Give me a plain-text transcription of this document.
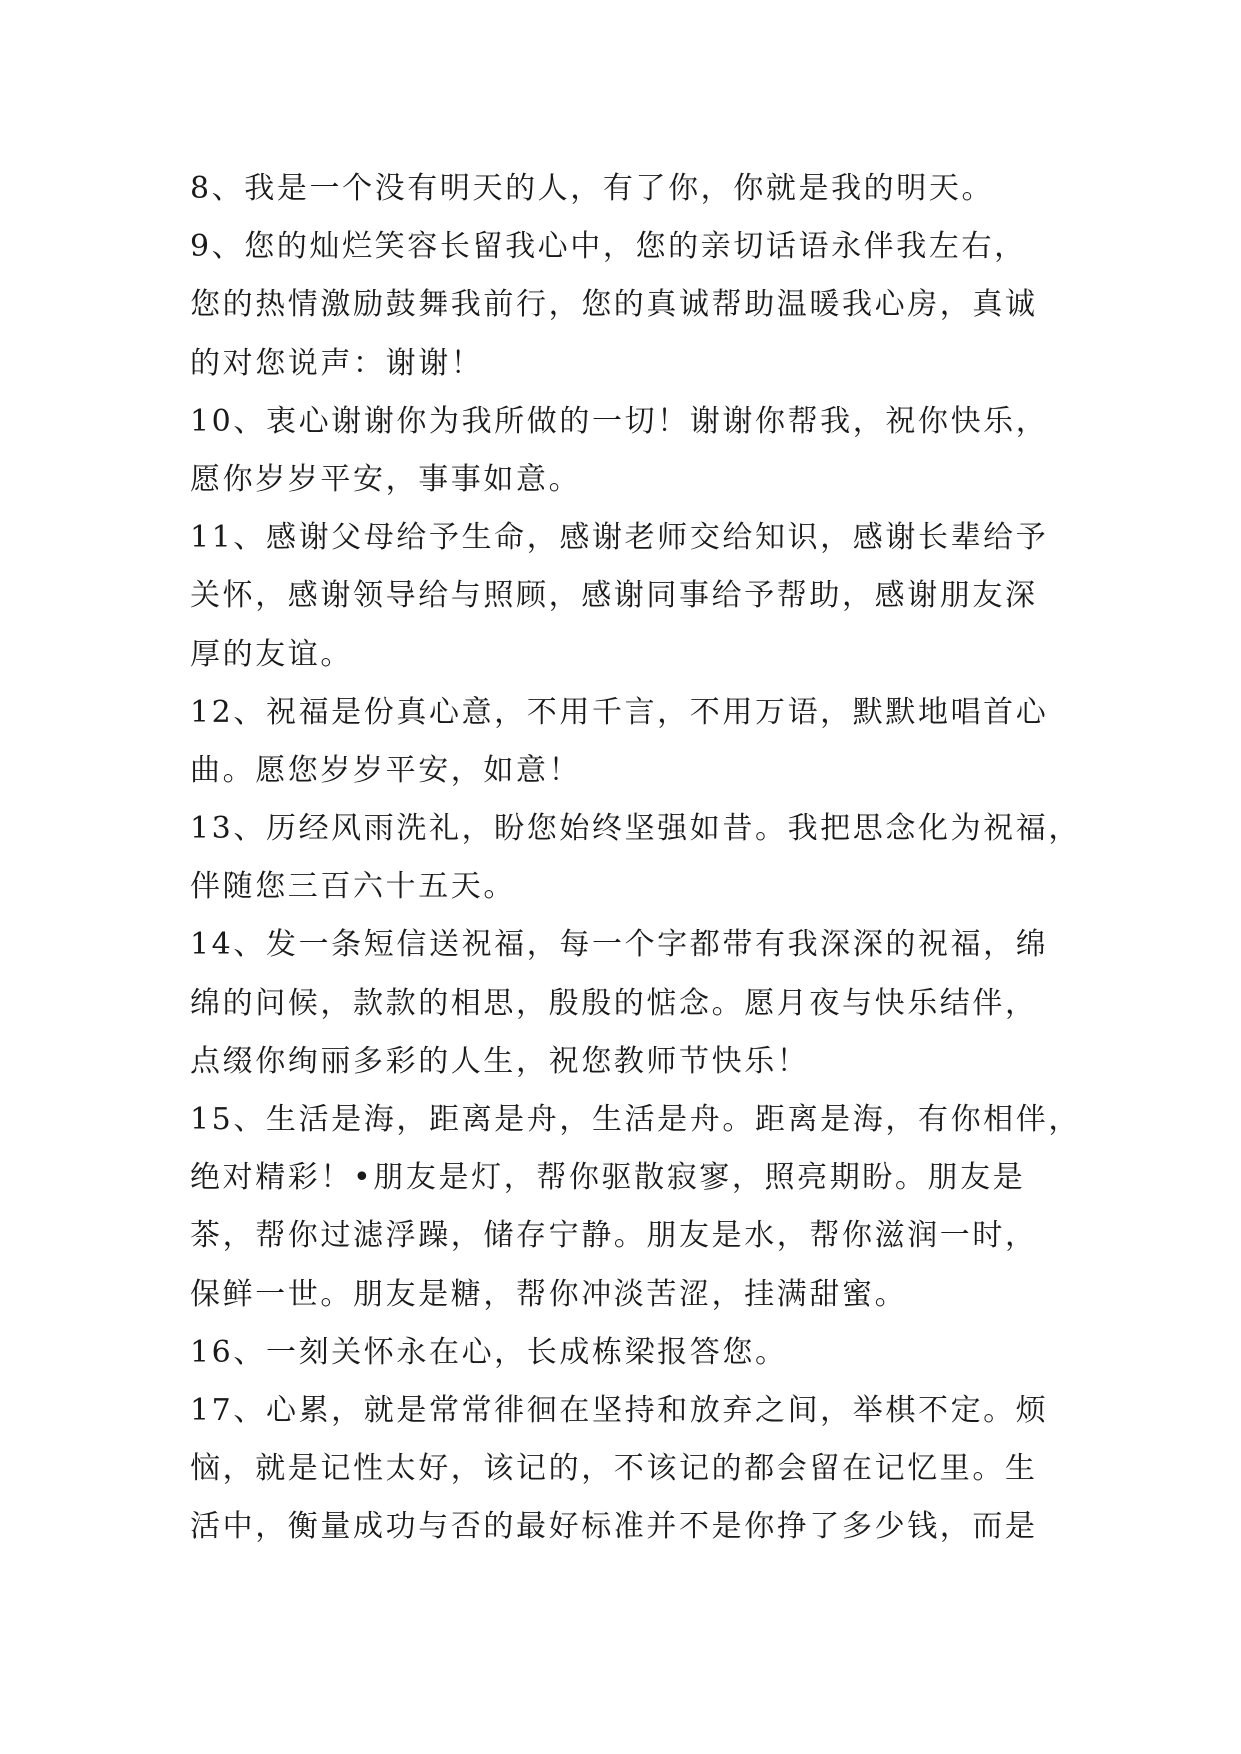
8、我是一个没有明天的人，有了你，你就是我的明天。
9、您的灿烂笑容长留我心中，您的亲切话语永伴我左右，
您的热情激励鼓舞我前行，您的真诚帮助温暖我心房，真诚
的对您说声：谢谢！
10、衷心谢谢你为我所做的一切！谢谢你帮我，祝你快乐，
愿你岁岁平安，事事如意。
11、感谢父母给予生命，感谢老师交给知识，感谢长辈给予
关怀，感谢领导给与照顾，感谢同事给予帮助，感谢朋友深
厚的友谊。
12、祝福是份真心意，不用千言，不用万语，默默地唱首心
曲。愿您岁岁平安，如意！
13、历经风雨洗礼，盼您始终坚强如昔。我把思念化为祝福，
伴随您三百六十五天。
14、发一条短信送祝福，每一个字都带有我深深的祝福，绵
绵的问候，款款的相思，殷殷的惦念。愿月夜与快乐结伴，
点缀你绚丽多彩的人生，祝您教师节快乐！
15、生活是海，距离是舟，生活是舟。距离是海，有你相伴，
绝对精彩！•朋友是灯，帮你驱散寂寥，照亮期盼。朋友是
茶，帮你过滤浮躁，储存宁静。朋友是水，帮你滋润一时，
保鲜一世。朋友是糖，帮你冲淡苦涩，挂满甜蜜。
16、一刻关怀永在心，长成栋梁报答您。
17、心累，就是常常徘徊在坚持和放弃之间，举棋不定。烦
恼，就是记性太好，该记的，不该记的都会留在记忆里。生
活中，衡量成功与否的最好标准并不是你挣了多少钱，而是
